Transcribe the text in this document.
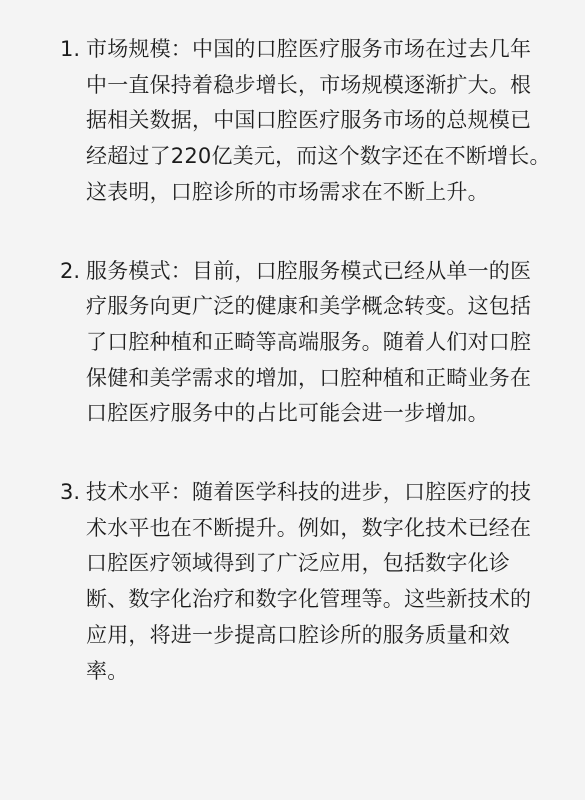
1. 市场规模：中国的口腔医疗服务市场在过去几年中一直保持着稳步增长，市场规模逐渐扩大。根据相关数据，中国口腔医疗服务市场的总规模已经超过了220亿美元，而这个数字还在不断增长。这表明，口腔诊所的市场需求在不断上升。
2. 服务模式：目前，口腔服务模式已经从单一的医疗服务向更广泛的健康和美学概念转变。这包括了口腔种植和正畸等高端服务。随着人们对口腔保健和美学需求的增加，口腔种植和正畸业务在口腔医疗服务中的占比可能会进一步增加。
3. 技术水平：随着医学科技的进步，口腔医疗的技术水平也在不断提升。例如，数字化技术已经在口腔医疗领域得到了广泛应用，包括数字化诊断、数字化治疗和数字化管理等。这些新技术的应用，将进一步提高口腔诊所的服务质量和效率。
